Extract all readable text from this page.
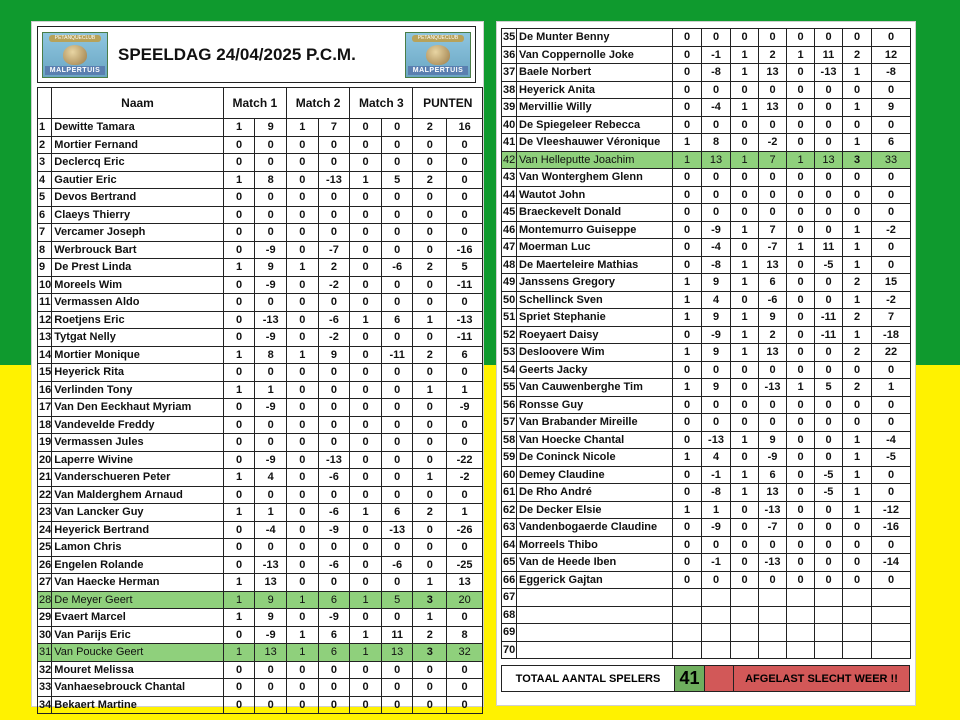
PETANQUECLUB
MALPERTUIS
SPEELDAG 24/04/2025 P.C.M.
PETANQUECLUB
MALPERTUIS
	Naam	Match 1		Match 2		Match 3		PUNTEN	
1	Dewitte Tamara	1	9	1	7	0	0	2	16
2	Mortier Fernand	0	0	0	0	0	0	0	0
3	Declercq Eric	0	0	0	0	0	0	0	0
4	Gautier Eric	1	8	0	-13	1	5	2	0
5	Devos Bertrand	0	0	0	0	0	0	0	0
6	Claeys Thierry	0	0	0	0	0	0	0	0
7	Vercamer Joseph	0	0	0	0	0	0	0	0
8	Werbrouck Bart	0	-9	0	-7	0	0	0	-16
9	De Prest Linda	1	9	1	2	0	-6	2	5
10	Moreels Wim	0	-9	0	-2	0	0	0	-11
11	Vermassen Aldo	0	0	0	0	0	0	0	0
12	Roetjens Eric	0	-13	0	-6	1	6	1	-13
13	Tytgat Nelly	0	-9	0	-2	0	0	0	-11
14	Mortier Monique	1	8	1	9	0	-11	2	6
15	Heyerick Rita	0	0	0	0	0	0	0	0
16	Verlinden Tony	1	1	0	0	0	0	1	1
17	Van Den Eeckhaut Myriam	0	-9	0	0	0	0	0	-9
18	Vandevelde Freddy	0	0	0	0	0	0	0	0
19	Vermassen Jules	0	0	0	0	0	0	0	0
20	Laperre Wivine	0	-9	0	-13	0	0	0	-22
21	Vanderschueren Peter	1	4	0	-6	0	0	1	-2
22	Van Malderghem Arnaud	0	0	0	0	0	0	0	0
23	Van Lancker Guy	1	1	0	-6	1	6	2	1
24	Heyerick Bertrand	0	-4	0	-9	0	-13	0	-26
25	Lamon Chris	0	0	0	0	0	0	0	0
26	Engelen Rolande	0	-13	0	-6	0	-6	0	-25
27	Van Haecke Herman	1	13	0	0	0	0	1	13
28	De Meyer Geert	1	9	1	6	1	5	3	20
29	Evaert Marcel	1	9	0	-9	0	0	1	0
30	Van Parijs Eric	0	-9	1	6	1	11	2	8
31	Van Poucke Geert	1	13	1	6	1	13	3	32
32	Mouret Melissa	0	0	0	0	0	0	0	0
33	Vanhaesebrouck Chantal	0	0	0	0	0	0	0	0
34	Bekaert Martine	0	0	0	0	0	0	0	0
35	De Munter Benny	0	0	0	0	0	0	0	0
36	Van Coppernolle Joke	0	-1	1	2	1	11	2	12
37	Baele Norbert	0	-8	1	13	0	-13	1	-8
38	Heyerick Anita	0	0	0	0	0	0	0	0
39	Mervillie Willy	0	-4	1	13	0	0	1	9
40	De Spiegeleer Rebecca	0	0	0	0	0	0	0	0
41	De Vleeshauwer Véronique	1	8	0	-2	0	0	1	6
42	Van Helleputte Joachim	1	13	1	7	1	13	3	33
43	Van Wonterghem Glenn	0	0	0	0	0	0	0	0
44	Wautot John	0	0	0	0	0	0	0	0
45	Braeckevelt Donald	0	0	0	0	0	0	0	0
46	Montemurro Guiseppe	0	-9	1	7	0	0	1	-2
47	Moerman Luc	0	-4	0	-7	1	11	1	0
48	De Maerteleire Mathias	0	-8	1	13	0	-5	1	0
49	Janssens Gregory	1	9	1	6	0	0	2	15
50	Schellinck Sven	1	4	0	-6	0	0	1	-2
51	Spriet Stephanie	1	9	1	9	0	-11	2	7
52	Roeyaert Daisy	0	-9	1	2	0	-11	1	-18
53	Desloovere Wim	1	9	1	13	0	0	2	22
54	Geerts Jacky	0	0	0	0	0	0	0	0
55	Van Cauwenberghe Tim	1	9	0	-13	1	5	2	1
56	Ronsse Guy	0	0	0	0	0	0	0	0
57	Van Brabander Mireille	0	0	0	0	0	0	0	0
58	Van Hoecke Chantal	0	-13	1	9	0	0	1	-4
59	De Coninck Nicole	1	4	0	-9	0	0	1	-5
60	Demey Claudine	0	-1	1	6	0	-5	1	0
61	De Rho André	0	-8	1	13	0	-5	1	0
62	De Decker Elsie	1	1	0	-13	0	0	1	-12
63	Vandenbogaerde Claudine	0	-9	0	-7	0	0	0	-16
64	Morreels Thibo	0	0	0	0	0	0	0	0
65	Van de Heede Iben	0	-1	0	-13	0	0	0	-14
66	Eggerick Gajtan	0	0	0	0	0	0	0	0
67									
68									
69									
70									
TOTAAL AANTAL SPELERS	41	AFGELAST SLECHT WEER !!
